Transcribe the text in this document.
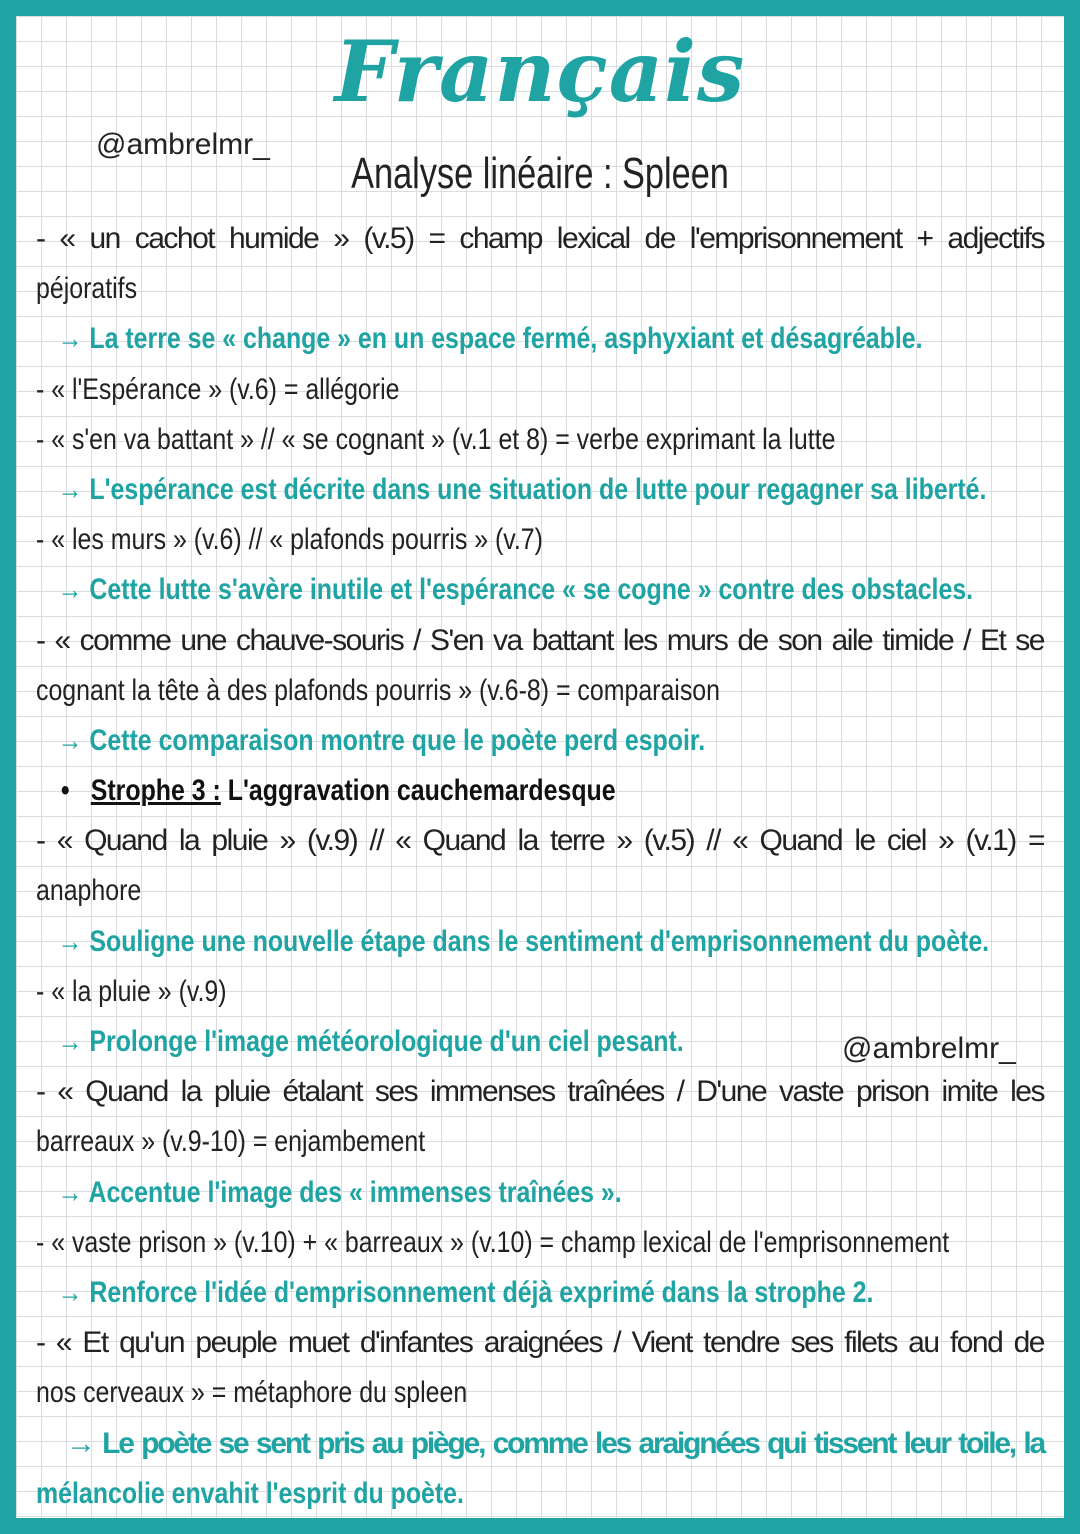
Français
@ambrelmr_
Analyse linéaire : Spleen
- « un cachot humide » (v.5) = champ lexical de l'emprisonnement + adjectifs
péjoratifs
→ La terre se « change » en un espace fermé, asphyxiant et désagréable.
- « l'Espérance » (v.6) = allégorie
- « s'en va battant » // « se cognant » (v.1 et 8) = verbe exprimant la lutte
→ L'espérance est décrite dans une situation de lutte pour regagner sa liberté.
- « les murs » (v.6) // « plafonds pourris » (v.7)
→ Cette lutte s'avère inutile et l'espérance « se cogne » contre des obstacles.
- « comme une chauve-souris / S'en va battant les murs de son aile timide / Et se
cognant la tête à des plafonds pourris » (v.6-8) = comparaison
→ Cette comparaison montre que le poète perd espoir.
• Strophe 3 : L'aggravation cauchemardesque
- « Quand la pluie » (v.9) // « Quand la terre » (v.5) // « Quand le ciel » (v.1) =
anaphore
→ Souligne une nouvelle étape dans le sentiment d'emprisonnement du poète.
- « la pluie » (v.9)
→ Prolonge l'image météorologique d'un ciel pesant.
- « Quand la pluie étalant ses immenses traînées / D'une vaste prison imite les
barreaux » (v.9-10) = enjambement
→ Accentue l'image des « immenses traînées ».
- « vaste prison » (v.10) + « barreaux » (v.10) = champ lexical de l'emprisonnement
→ Renforce l'idée d'emprisonnement déjà exprimé dans la strophe 2.
- « Et qu'un peuple muet d'infantes araignées / Vient tendre ses filets au fond de
nos cerveaux » = métaphore du spleen
→ Le poète se sent pris au piège, comme les araignées qui tissent leur toile, la
mélancolie envahit l'esprit du poète.
@ambrelmr_
